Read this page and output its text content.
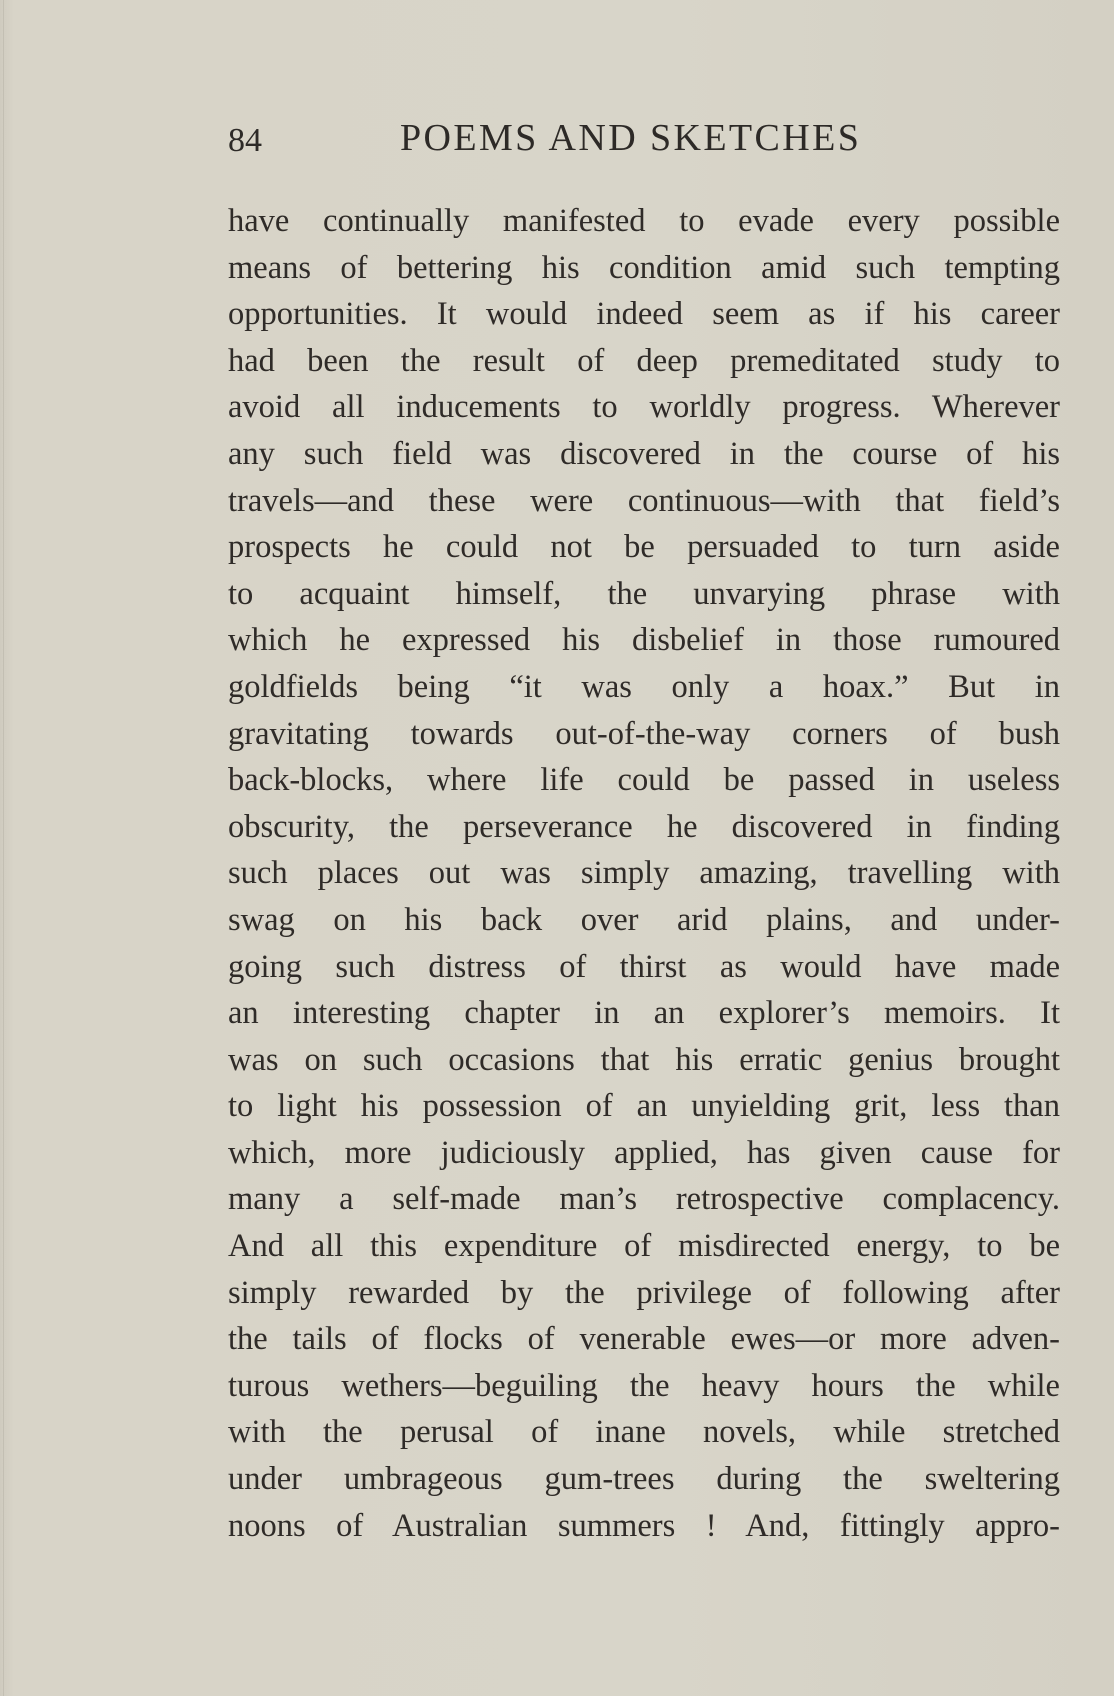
84	POEMS AND SKETCHES
have continually manifested to evade every possible
means of bettering his condition amid such tempting
opportunities. It would indeed seem as if his career
had been the result of deep premeditated study to
avoid all inducements to worldly progress. Wherever
any such field was discovered in the course of his
travels—and these were continuous—with that field’s
prospects he could not be persuaded to turn aside
to acquaint himself, the unvarying phrase with
which he expressed his disbelief in those rumoured
goldfields being “it was only a hoax.” But in
gravitating towards out-of-the-way corners of bush
back-blocks, where life could be passed in useless
obscurity, the perseverance he discovered in finding
such places out was simply amazing, travelling with
swag on his back over arid plains, and under-
going such distress of thirst as would have made
an interesting chapter in an explorer’s memoirs. It
was on such occasions that his erratic genius brought
to light his possession of an unyielding grit, less than
which, more judiciously applied, has given cause for
many a self-made man’s retrospective complacency.
And all this expenditure of misdirected energy, to be
simply rewarded by the privilege of following after
the tails of flocks of venerable ewes—or more adven-
turous wethers—beguiling the heavy hours the while
with the perusal of inane novels, while stretched
under umbrageous gum-trees during the sweltering
noons of Australian summers ! And, fittingly appro-
